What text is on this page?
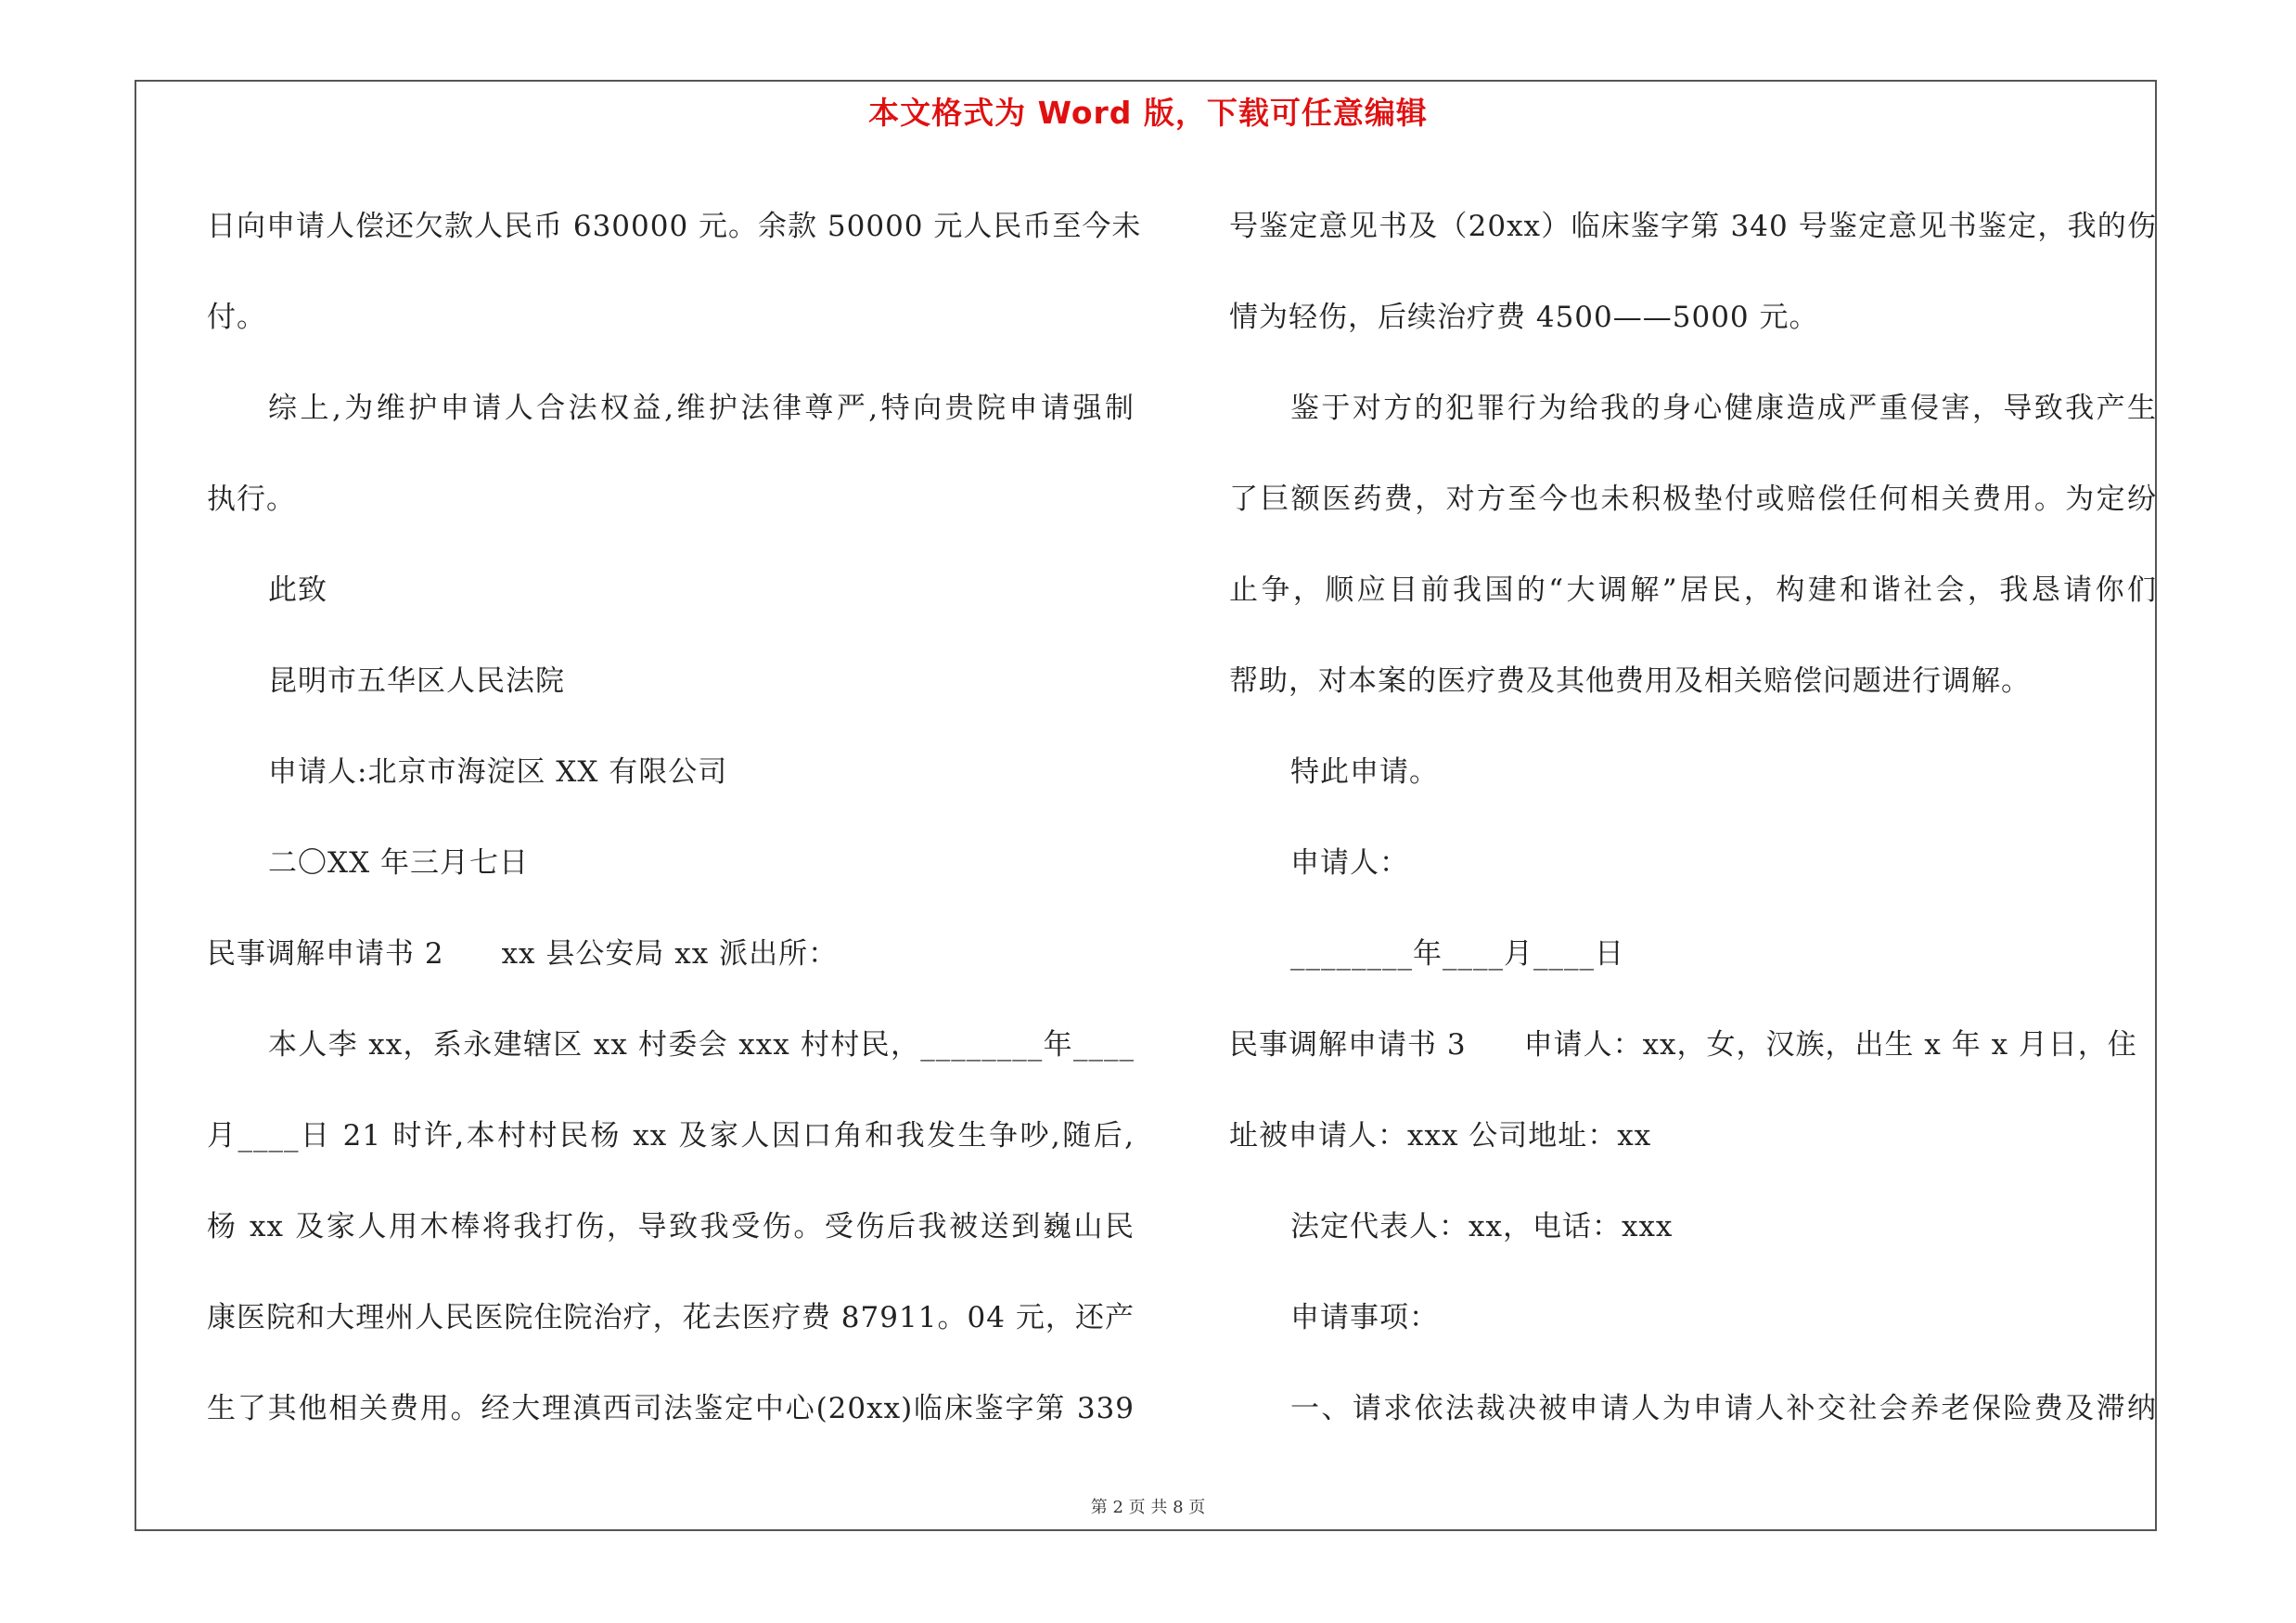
本文格式为 Word 版，下载可任意编辑
日向申请人偿还欠款人民币 630000 元。余款 50000 元人民币至今未
付。
综上,为维护申请人合法权益,维护法律尊严,特向贵院申请强制
执行。
此致
昆明市五华区人民法院
申请人:北京市海淀区 XX 有限公司
二〇XX 年三月七日
民事调解申请书 2 xx 县公安局 xx 派出所：
本人李 xx，系永建辖区 xx 村委会 xxx 村村民，________年____
月____日 21 时许,本村村民杨 xx 及家人因口角和我发生争吵,随后,
杨 xx 及家人用木棒将我打伤，导致我受伤。受伤后我被送到巍山民
康医院和大理州人民医院住院治疗，花去医疗费 87911。04 元，还产
生了其他相关费用。经大理滇西司法鉴定中心(20xx)临床鉴字第 339
号鉴定意见书及（20xx）临床鉴字第 340 号鉴定意见书鉴定，我的伤
情为轻伤，后续治疗费 4500——5000 元。
鉴于对方的犯罪行为给我的身心健康造成严重侵害，导致我产生
了巨额医药费，对方至今也未积极垫付或赔偿任何相关费用。为定纷
止争，顺应目前我国的“大调解”居民，构建和谐社会，我恳请你们
帮助，对本案的医疗费及其他费用及相关赔偿问题进行调解。
特此申请。
申请人：
________年____月____日
民事调解申请书 3 申请人：xx，女，汉族，出生 x 年 x 月日，住
址被申请人：xxx 公司地址：xx
法定代表人：xx，电话：xxx
申请事项：
一、请求依法裁决被申请人为申请人补交社会养老保险费及滞纳
第 2 页 共 8 页
